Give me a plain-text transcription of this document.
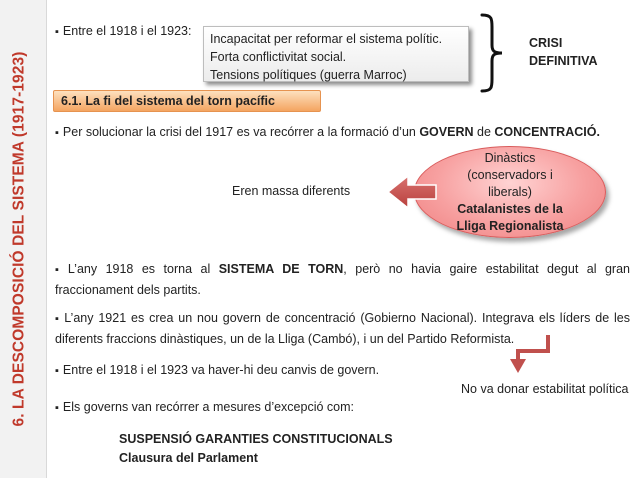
6. LA DESCOMPOSICIÓ DEL SISTEMA (1917-1923)
▪ Entre el 1918 i el 1923:
Incapacitat per reformar el sistema polític.
Forta conflictivitat social.
Tensions polítiques (guerra Marroc)
CRISI
DEFINITIVA
6.1. La fi del sistema del torn pacífic
▪ Per solucionar la crisi del 1917 es va recórrer a la formació d’un GOVERN de CONCENTRACIÓ.
Dinàstics
(conservadors i
liberals)
Catalanistes de la
Lliga Regionalista
Eren massa diferents
▪ L’any 1918 es torna al SISTEMA DE TORN, però no havia gaire estabilitat degut al gran fraccionament dels partits.
▪ L’any 1921 es crea un nou govern de concentració (Gobierno Nacional). Integrava els líders de les diferents fraccions dinàstiques, un de la Lliga (Cambó), i un del Partido Reformista.
▪ Entre el 1918 i el 1923 va haver-hi deu canvis de govern.
No va donar estabilitat política
▪ Els governs van recórrer a mesures d’excepció com:
SUSPENSIÓ GARANTIES CONSTITUCIONALS
Clausura del Parlament
